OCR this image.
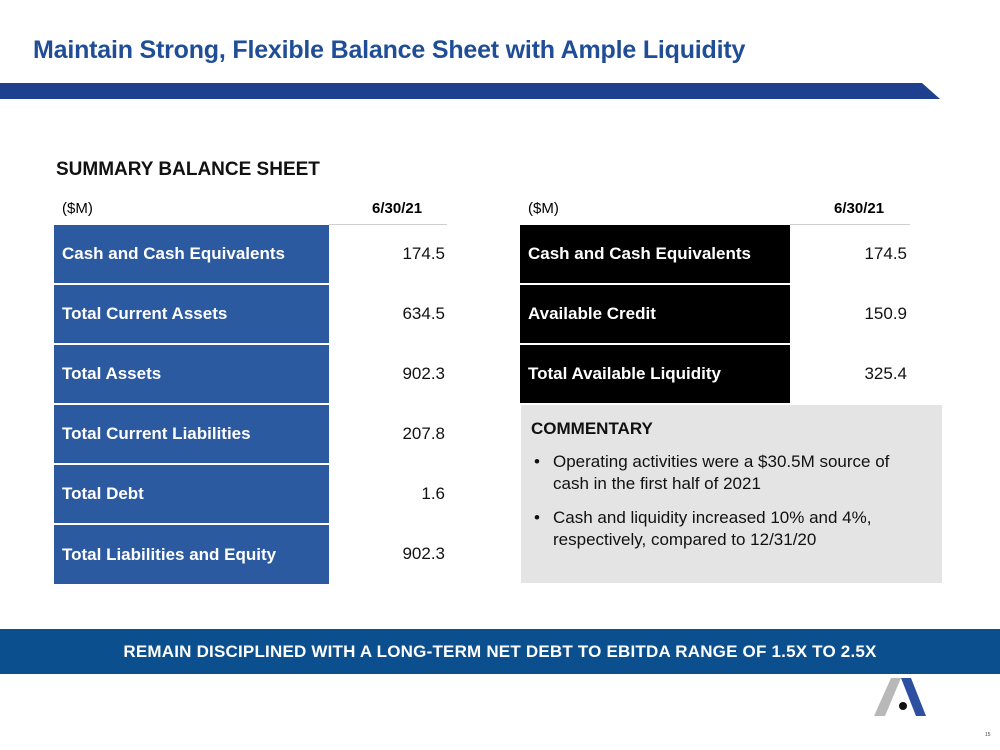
Maintain Strong, Flexible Balance Sheet with Ample Liquidity
SUMMARY BALANCE SHEET
($M)	6/30/21
Cash and Cash Equivalents	174.5
Total Current Assets	634.5
Total Assets	902.3
Total Current Liabilities	207.8
Total Debt	1.6
Total Liabilities and Equity	902.3
($M)	6/30/21
Cash and Cash Equivalents	174.5
Available Credit	150.9
Total Available Liquidity	325.4
COMMENTARY
• Operating activities were a $30.5M source of cash in the first half of 2021
• Cash and liquidity increased 10% and 4%, respectively, compared to 12/31/20
REMAIN DISCIPLINED WITH A LONG-TERM NET DEBT TO EBITDA RANGE OF 1.5X TO 2.5X
15
